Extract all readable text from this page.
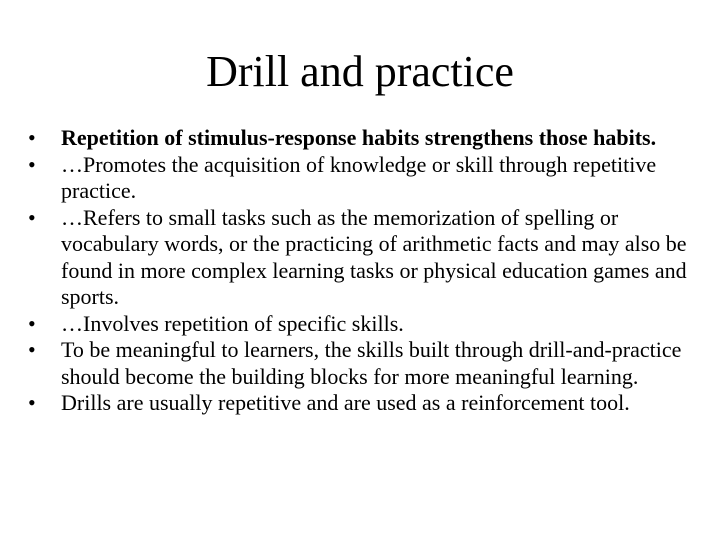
Drill and practice
•	Repetition of stimulus-response habits strengthens those habits.
•	…Promotes the acquisition of knowledge or skill through repetitive practice.
•	…Refers to small tasks such as the memorization of spelling or vocabulary words, or the practicing of arithmetic facts and may also be found in more complex learning tasks or physical education games and sports.
•	…Involves repetition of specific skills.
•	To be meaningful to learners, the skills built through drill-and-practice should become the building blocks for more meaningful learning.
•	Drills are usually repetitive and are used as a reinforcement tool.
